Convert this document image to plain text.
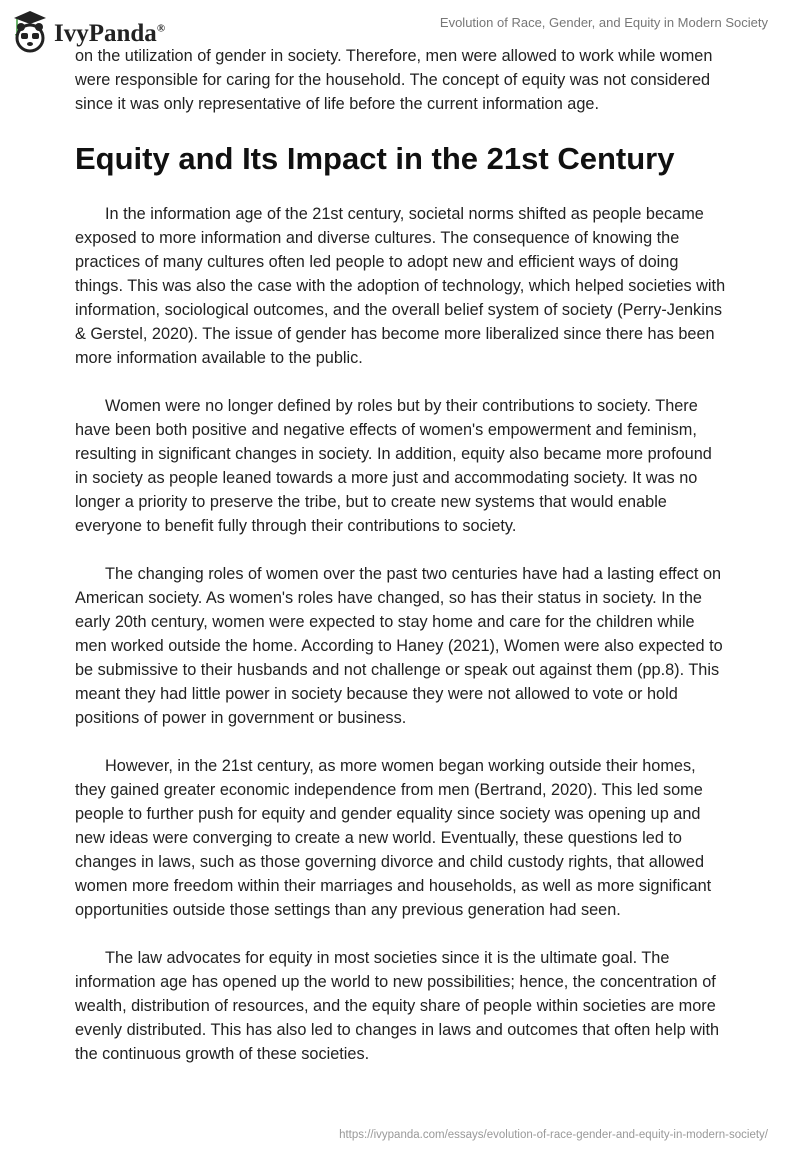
IvyPanda®	Evolution of Race, Gender, and Equity in Modern Society

on the utilization of gender in society. Therefore, men were allowed to work while women were responsible for caring for the household. The concept of equity was not considered since it was only representative of life before the current information age.

Equity and Its Impact in the 21st Century

In the information age of the 21st century, societal norms shifted as people became exposed to more information and diverse cultures. The consequence of knowing the practices of many cultures often led people to adopt new and efficient ways of doing things. This was also the case with the adoption of technology, which helped societies with information, sociological outcomes, and the overall belief system of society (Perry-Jenkins & Gerstel, 2020). The issue of gender has become more liberalized since there has been more information available to the public.

Women were no longer defined by roles but by their contributions to society. There have been both positive and negative effects of women's empowerment and feminism, resulting in significant changes in society. In addition, equity also became more profound in society as people leaned towards a more just and accommodating society. It was no longer a priority to preserve the tribe, but to create new systems that would enable everyone to benefit fully through their contributions to society.

The changing roles of women over the past two centuries have had a lasting effect on American society. As women's roles have changed, so has their status in society. In the early 20th century, women were expected to stay home and care for the children while men worked outside the home. According to Haney (2021), Women were also expected to be submissive to their husbands and not challenge or speak out against them (pp.8). This meant they had little power in society because they were not allowed to vote or hold positions of power in government or business.

However, in the 21st century, as more women began working outside their homes, they gained greater economic independence from men (Bertrand, 2020). This led some people to further push for equity and gender equality since society was opening up and new ideas were converging to create a new world. Eventually, these questions led to changes in laws, such as those governing divorce and child custody rights, that allowed women more freedom within their marriages and households, as well as more significant opportunities outside those settings than any previous generation had seen.

The law advocates for equity in most societies since it is the ultimate goal. The information age has opened up the world to new possibilities; hence, the concentration of wealth, distribution of resources, and the equity share of people within societies are more evenly distributed. This has also led to changes in laws and outcomes that often help with the continuous growth of these societies.

https://ivypanda.com/essays/evolution-of-race-gender-and-equity-in-modern-society/
